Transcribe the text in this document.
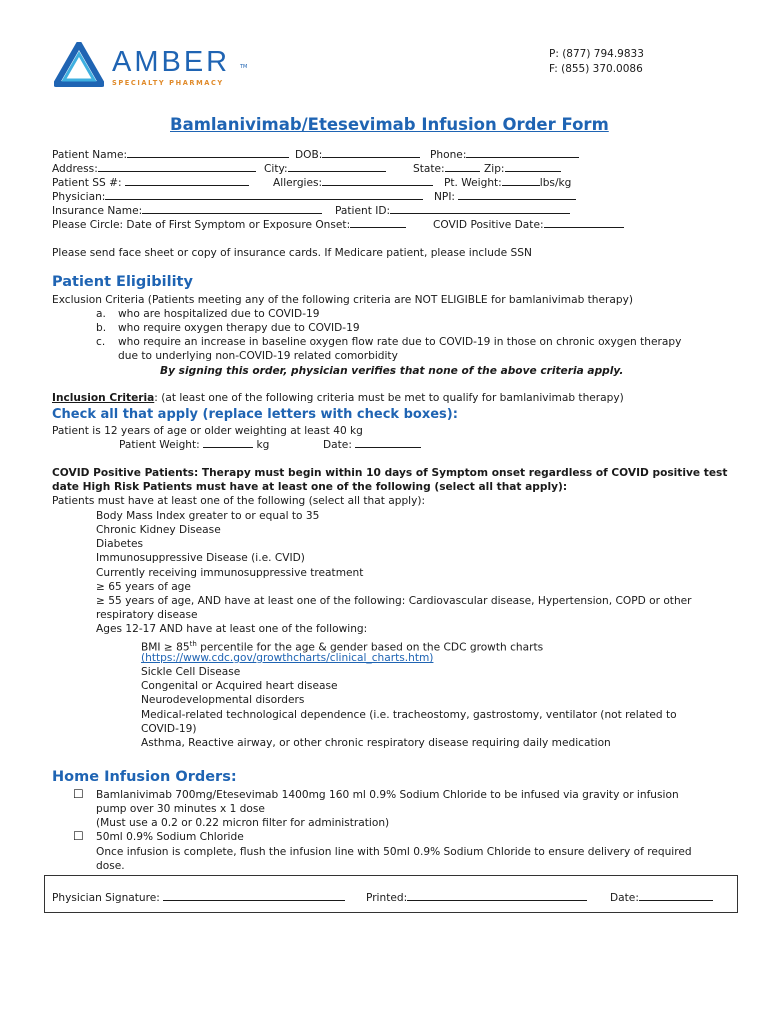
AMBER TM
SPECIALTY PHARMACY
P: (877) 794.9833
F: (855) 370.0086
Bamlanivimab/Etesevimab Infusion Order Form
Patient Name:	DOB:	Phone:
Address:	City:	State:	Zip:
Patient SS #:	Allergies:	Pt. Weight:	lbs/kg
Physician:	NPI:
Insurance Name:	Patient ID:
Please Circle: Date of First Symptom or Exposure Onset:	COVID Positive Date:
Please send face sheet or copy of insurance cards. If Medicare patient, please include SSN
Patient Eligibility
Exclusion Criteria (Patients meeting any of the following criteria are NOT ELIGIBLE for bamlanivimab therapy)
a. who are hospitalized due to COVID-19
b. who require oxygen therapy due to COVID-19
c. who require an increase in baseline oxygen flow rate due to COVID-19 in those on chronic oxygen therapy
due to underlying non-COVID-19 related comorbidity
By signing this order, physician verifies that none of the above criteria apply.
Inclusion Criteria: (at least one of the following criteria must be met to qualify for bamlanivimab therapy)
Check all that apply (replace letters with check boxes):
Patient is 12 years of age or older weighting at least 40 kg
Patient Weight:	kg	Date:
COVID Positive Patients: Therapy must begin within 10 days of Symptom onset regardless of COVID positive test
date High Risk Patients must have at least one of the following (select all that apply):
Patients must have at least one of the following (select all that apply):
Body Mass Index greater to or equal to 35
Chronic Kidney Disease
Diabetes
Immunosuppressive Disease (i.e. CVID)
Currently receiving immunosuppressive treatment
≥ 65 years of age
≥ 55 years of age, AND have at least one of the following: Cardiovascular disease, Hypertension, COPD or other
respiratory disease
Ages 12-17 AND have at least one of the following:
BMI ≥ 85th percentile for the age & gender based on the CDC growth charts
(https://www.cdc.gov/growthcharts/clinical_charts.htm)
Sickle Cell Disease
Congenital or Acquired heart disease
Neurodevelopmental disorders
Medical-related technological dependence (i.e. tracheostomy, gastrostomy, ventilator (not related to
COVID-19)
Asthma, Reactive airway, or other chronic respiratory disease requiring daily medication
Home Infusion Orders:
☐ Bamlanivimab 700mg/Etesevimab 1400mg 160 ml 0.9% Sodium Chloride to be infused via gravity or infusion
pump over 30 minutes x 1 dose
(Must use a 0.2 or 0.22 micron filter for administration)
☐ 50ml 0.9% Sodium Chloride
Once infusion is complete, flush the infusion line with 50ml 0.9% Sodium Chloride to ensure delivery of required
dose.
Physician Signature:	Printed:	Date:
